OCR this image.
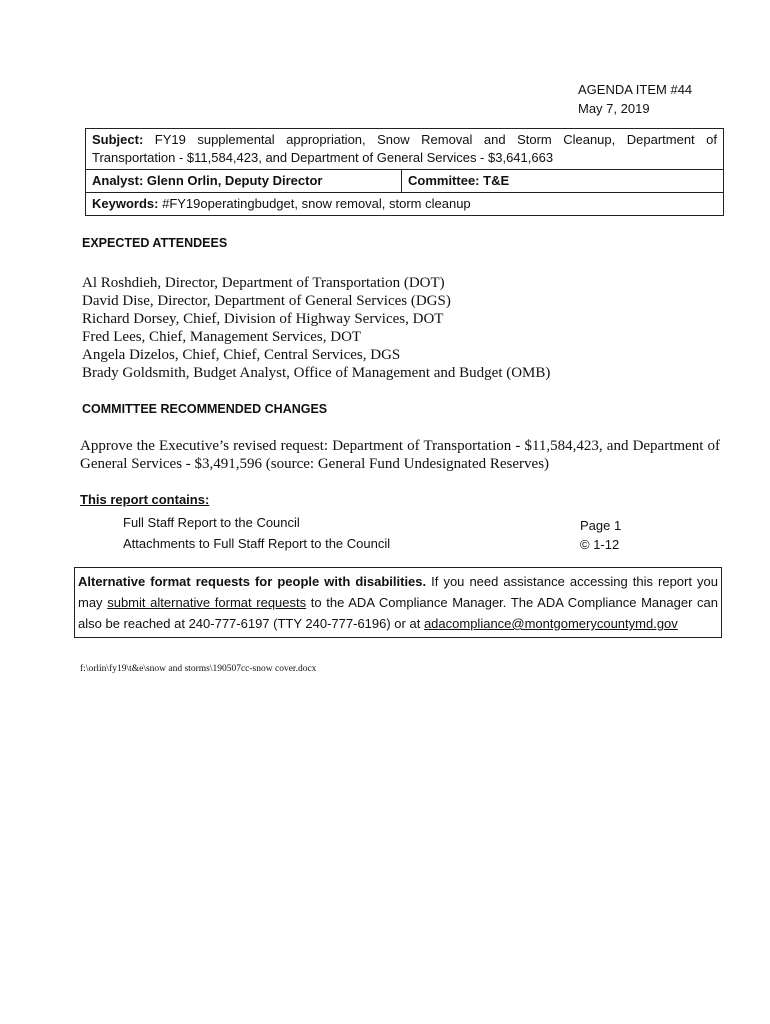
AGENDA ITEM #44
May 7, 2019
Subject: FY19 supplemental appropriation, Snow Removal and Storm Cleanup, Department of Transportation - $11,584,423, and Department of General Services - $3,641,663
Analyst: Glenn Orlin, Deputy Director	Committee: T&E
Keywords: #FY19operatingbudget, snow removal, storm cleanup
EXPECTED ATTENDEES
Al Roshdieh, Director, Department of Transportation (DOT)
David Dise, Director, Department of General Services (DGS)
Richard Dorsey, Chief, Division of Highway Services, DOT
Fred Lees, Chief, Management Services, DOT
Angela Dizelos, Chief, Chief, Central Services, DGS
Brady Goldsmith, Budget Analyst, Office of Management and Budget (OMB)
COMMITTEE RECOMMENDED CHANGES
Approve the Executive’s revised request: Department of Transportation - $11,584,423, and Department of General Services - $3,491,596 (source: General Fund Undesignated Reserves)
This report contains:
Full Staff Report to the Council
Attachments to Full Staff Report to the Council
Page 1
© 1-12
Alternative format requests for people with disabilities. If you need assistance accessing this report you may submit alternative format requests to the ADA Compliance Manager. The ADA Compliance Manager can also be reached at 240-777-6197 (TTY 240-777-6196) or at adacompliance@montgomerycountymd.gov
f:\orlin\fy19\t&e\snow and storms\190507cc-snow cover.docx
